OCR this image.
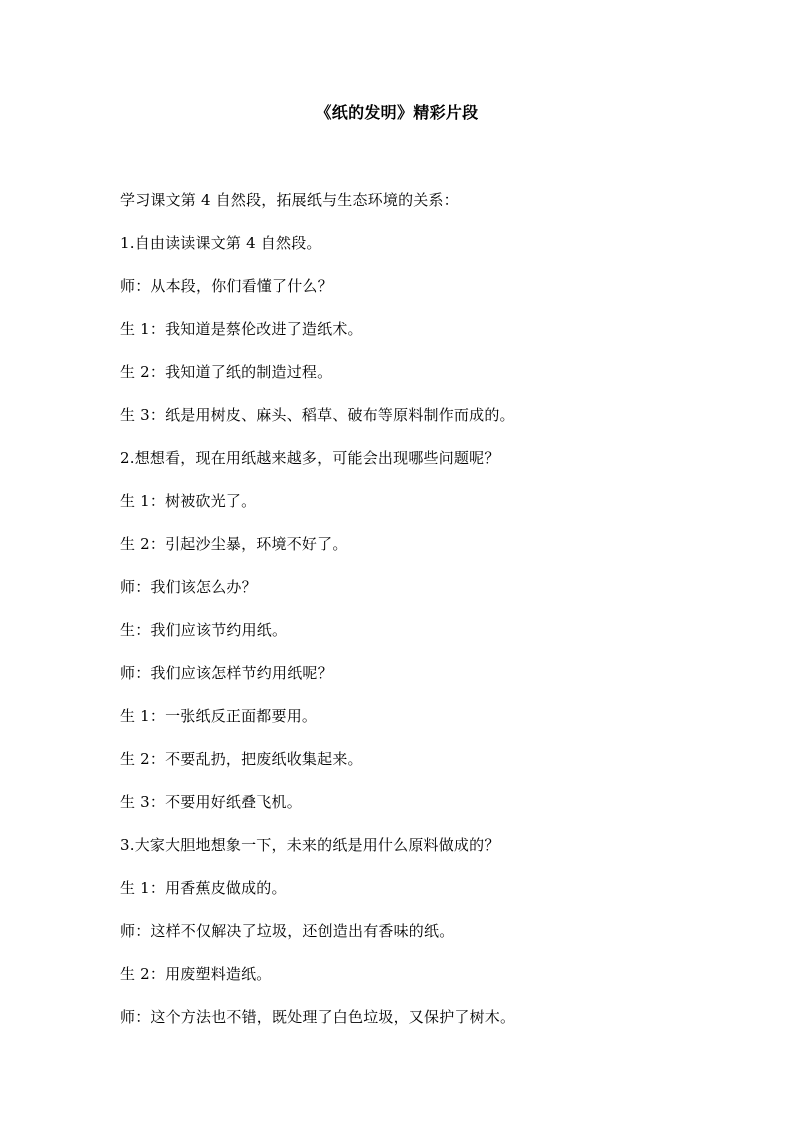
《纸的发明》精彩片段

学习课文第 4 自然段，拓展纸与生态环境的关系：

1.自由读读课文第 4 自然段。

师：从本段，你们看懂了什么？

生 1：我知道是蔡伦改进了造纸术。

生 2：我知道了纸的制造过程。

生 3：纸是用树皮、麻头、稻草、破布等原料制作而成的。

2.想想看，现在用纸越来越多，可能会出现哪些问题呢？

生 1：树被砍光了。

生 2：引起沙尘暴，环境不好了。

师：我们该怎么办？

生：我们应该节约用纸。

师：我们应该怎样节约用纸呢？

生 1：一张纸反正面都要用。

生 2：不要乱扔，把废纸收集起来。

生 3：不要用好纸叠飞机。

3.大家大胆地想象一下，未来的纸是用什么原料做成的？

生 1：用香蕉皮做成的。

师：这样不仅解决了垃圾，还创造出有香味的纸。

生 2：用废塑料造纸。

师：这个方法也不错，既处理了白色垃圾，又保护了树木。
